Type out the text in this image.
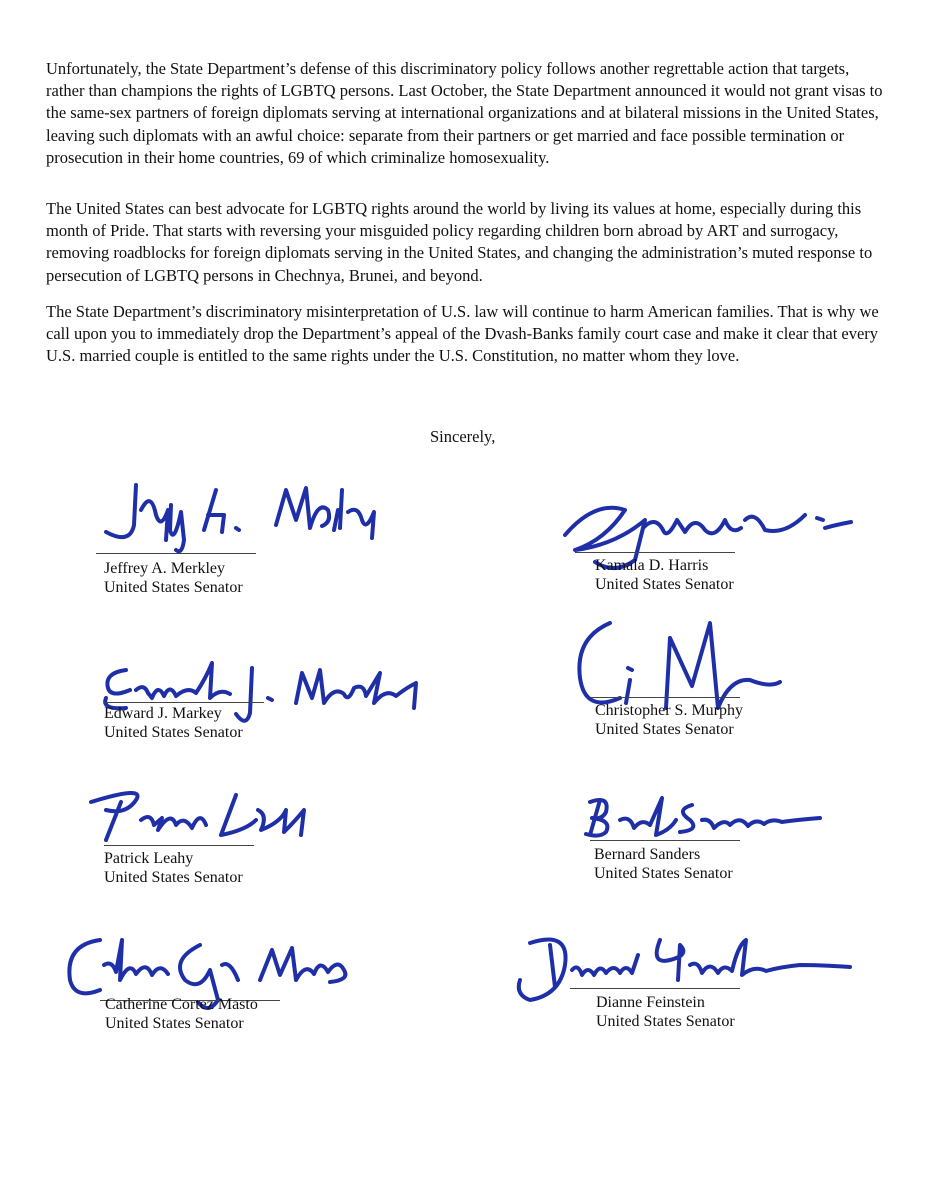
Unfortunately, the State Department’s defense of this discriminatory policy follows another regrettable action that targets, rather than champions the rights of LGBTQ persons. Last October, the State Department announced it would not grant visas to the same-sex partners of foreign diplomats serving at international organizations and at bilateral missions in the United States, leaving such diplomats with an awful choice: separate from their partners or get married and face possible termination or prosecution in their home countries, 69 of which criminalize homosexuality.

The United States can best advocate for LGBTQ rights around the world by living its values at home, especially during this month of Pride. That starts with reversing your misguided policy regarding children born abroad by ART and surrogacy, removing roadblocks for foreign diplomats serving in the United States, and changing the administration’s muted response to persecution of LGBTQ persons in Chechnya, Brunei, and beyond.

The State Department’s discriminatory misinterpretation of U.S. law will continue to harm American families. That is why we call upon you to immediately drop the Department’s appeal of the Dvash-Banks family court case and make it clear that every U.S. married couple is entitled to the same rights under the U.S. Constitution, no matter whom they love.

Sincerely,
Jeffrey A. Merkley
United States Senator
Kamala D. Harris
United States Senator
Edward J. Markey
United States Senator
Christopher S. Murphy
United States Senator
Patrick Leahy
United States Senator
Bernard Sanders
United States Senator
Catherine Cortez Masto
United States Senator
Dianne Feinstein
United States Senator
